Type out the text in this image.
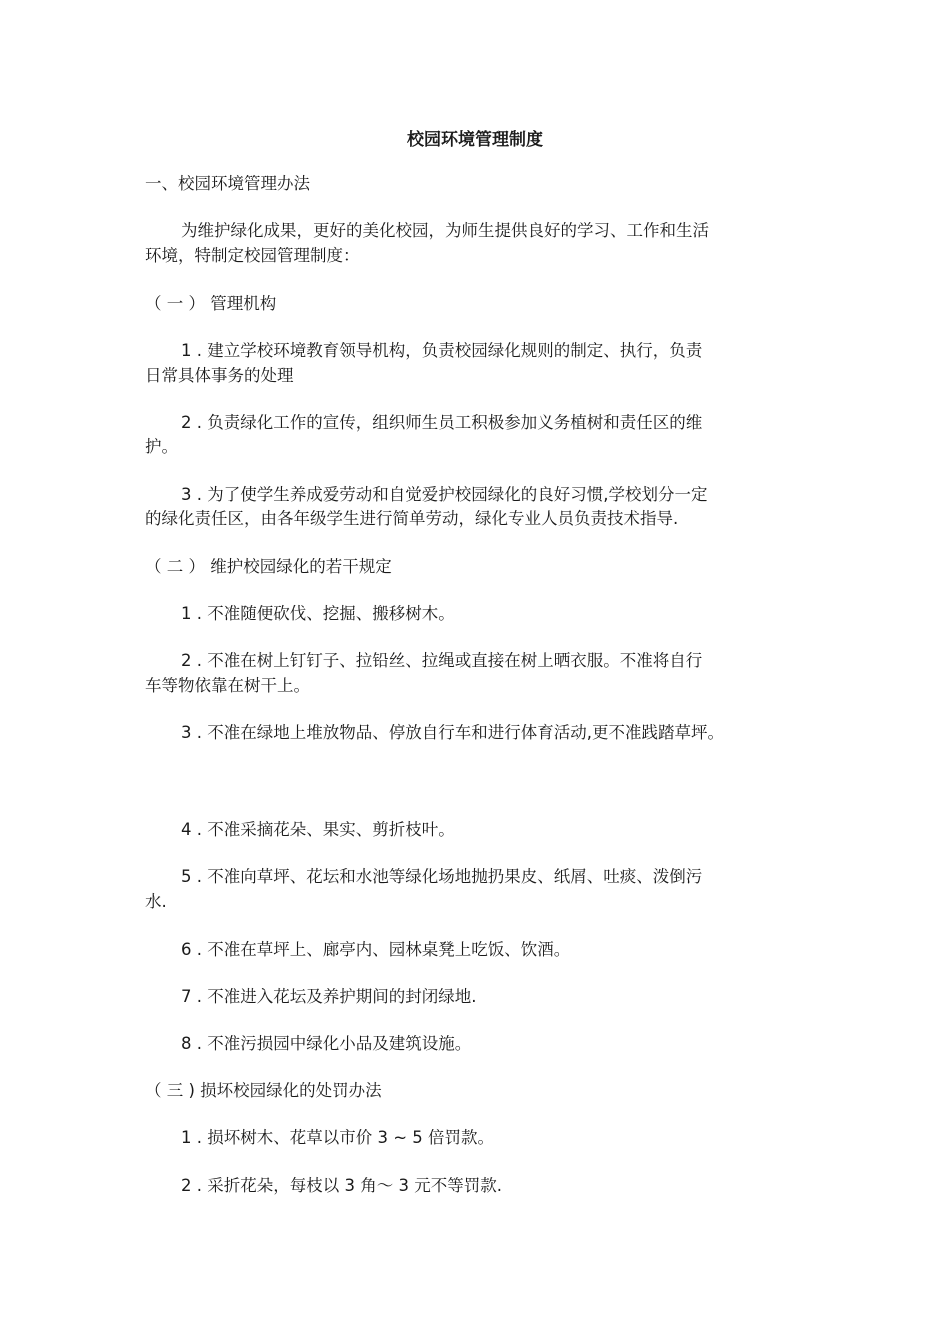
校园环境管理制度

一、校园环境管理办法

为维护绿化成果，更好的美化校园，为师生提供良好的学习、工作和生活

环境，特制定校园管理制度：

（ 一 ） 管理机构

1 . 建立学校环境教育领导机构，负责校园绿化规则的制定、执行，负责

日常具体事务的处理

2 . 负责绿化工作的宣传，组织师生员工积极参加义务植树和责任区的维

护。

3 . 为了使学生养成爱劳动和自觉爱护校园绿化的良好习惯,学校划分一定

的绿化责任区，由各年级学生进行简单劳动，绿化专业人员负责技术指导.

（ 二 ） 维护校园绿化的若干规定

1 . 不准随便砍伐、挖掘、搬移树木。

2 . 不准在树上钉钉子、拉铅丝、拉绳或直接在树上晒衣服。不准将自行

车等物依靠在树干上。

3 . 不准在绿地上堆放物品、停放自行车和进行体育活动,更不准践踏草坪。

4 . 不准采摘花朵、果实、剪折枝叶。

5 . 不准向草坪、花坛和水池等绿化场地抛扔果皮、纸屑、吐痰、泼倒污

水.

6 . 不准在草坪上、廊亭内、园林桌凳上吃饭、饮酒。

7 . 不准进入花坛及养护期间的封闭绿地.

8 . 不准污损园中绿化小品及建筑设施。

（ 三 ) 损坏校园绿化的处罚办法

1 . 损坏树木、花草以市价 3 ~ 5 倍罚款。

2 . 采折花朵，每枝以 3 角～ 3 元不等罚款.
